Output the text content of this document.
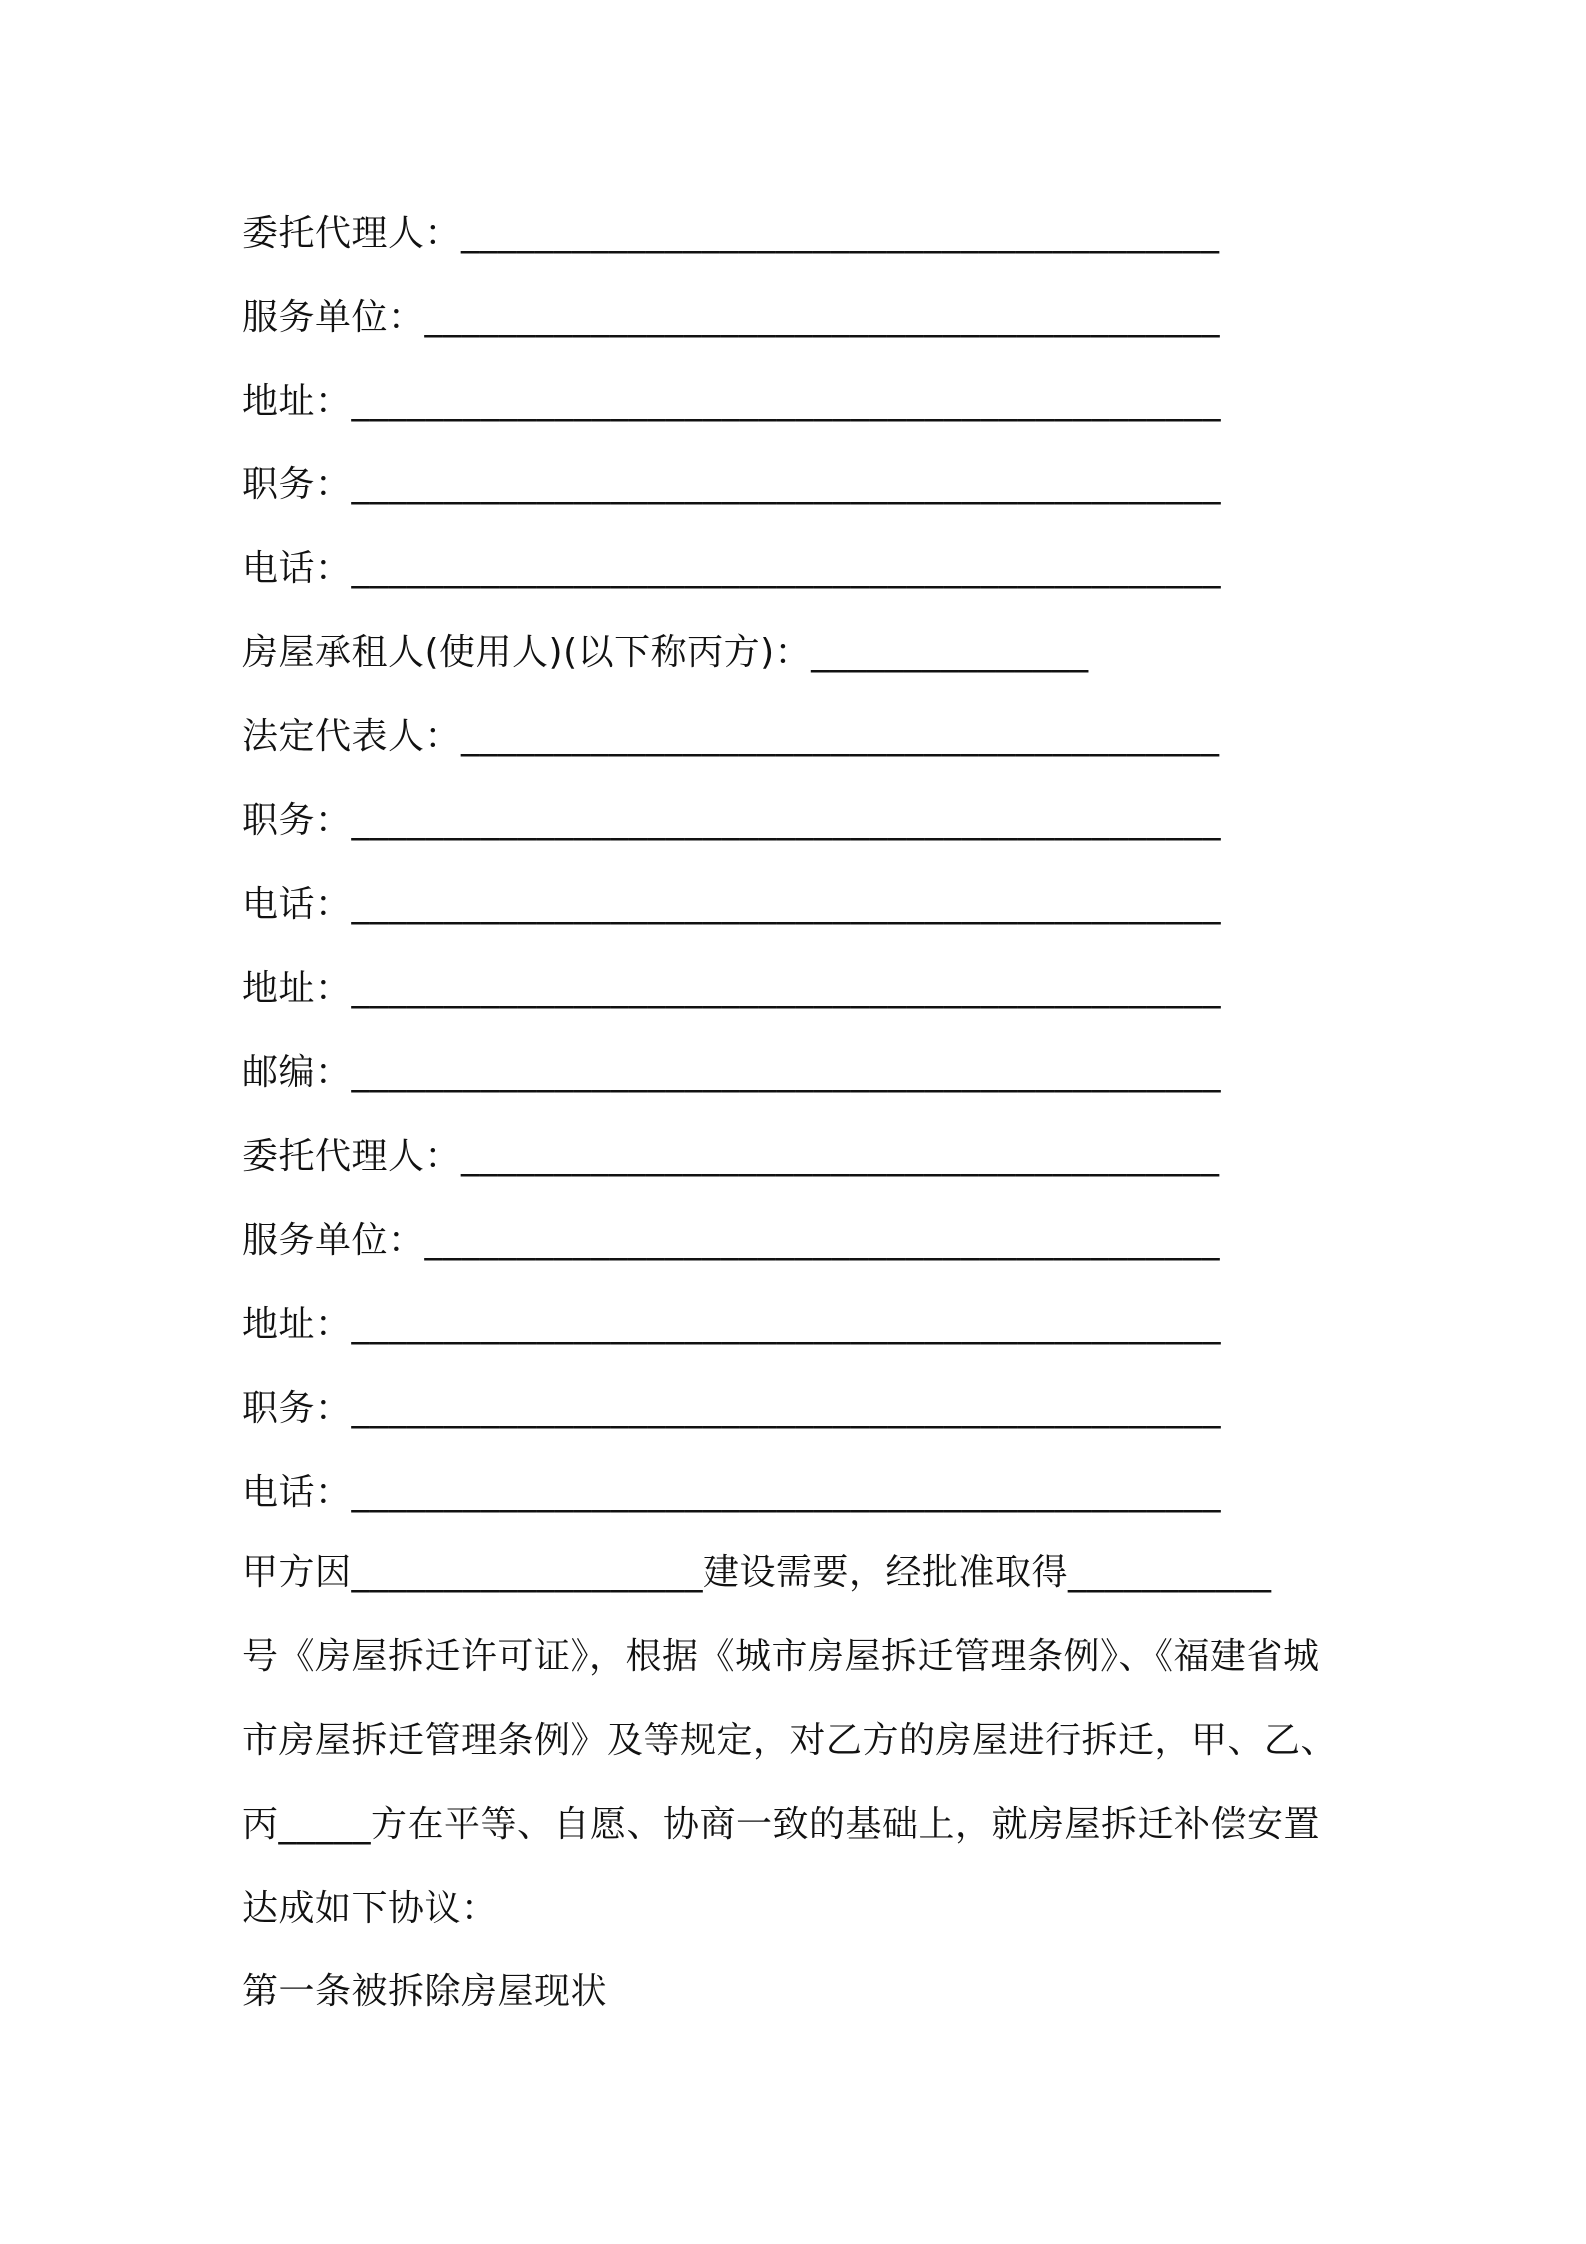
委托代理人：_________________________________________
服务单位：___________________________________________
地址：_______________________________________________
职务：_______________________________________________
电话：_______________________________________________
房屋承租人(使用人)(以下称丙方)：_______________
法定代表人：_________________________________________
职务：_______________________________________________
电话：_______________________________________________
地址：_______________________________________________
邮编：_______________________________________________
委托代理人：_________________________________________
服务单位：___________________________________________
地址：_______________________________________________
职务：_______________________________________________
电话：_______________________________________________
甲方因___________________建设需要，经批准取得___________
号《房屋拆迁许可证》，根据《城市房屋拆迁管理条例》、《福建省城
市房屋拆迁管理条例》及等规定，对乙方的房屋进行拆迁，甲、乙、
丙_____方在平等、自愿、协商一致的基础上，就房屋拆迁补偿安置
达成如下协议：
第一条被拆除房屋现状
